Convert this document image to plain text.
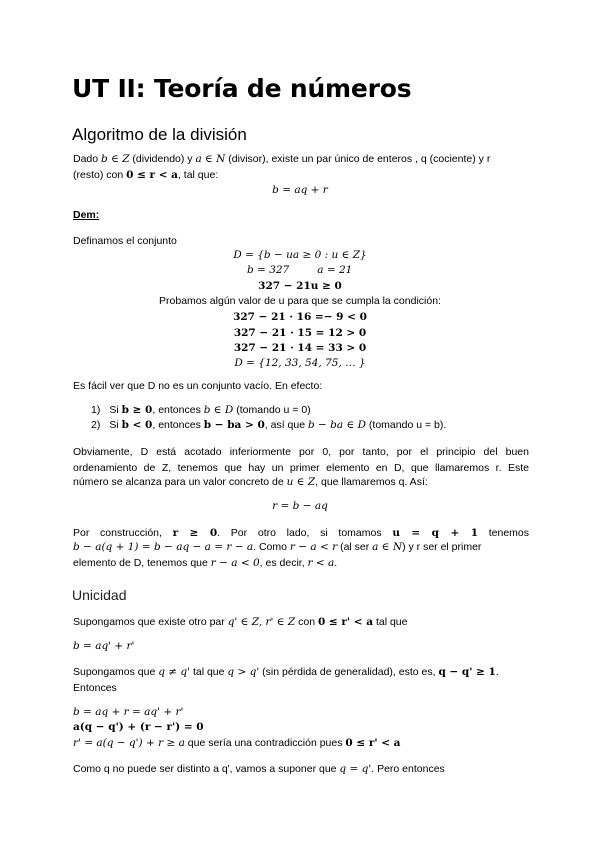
UT II: Teoría de números
Algoritmo de la división
Dado b ∈ Z (dividendo) y a ∈ N (divisor), existe un par único de enteros , q (cociente) y r
(resto) con 0 ≤ r < a, tal que:
b = aq + r
Dem:
Definamos el conjunto
D = {b − ua ≥ 0 : u ∈ Z}
b = 327	a = 21
327 − 21u ≥ 0
Probamos algún valor de u para que se cumpla la condición:
327 − 21 · 16 =− 9 < 0
327 − 21 · 15 = 12 > 0
327 − 21 · 14 = 33 > 0
D = {12, 33, 54, 75, … }
Es fácil ver que D no es un conjunto vacío. En efecto:
1) Si b ≥ 0, entonces b ∈ D (tomando u = 0)
2) Si b < 0, entonces b − ba > 0, así que b − ba ∈ D (tomando u = b).
Obviamente, D está acotado inferiormente por 0, por tanto, por el principio del buen
ordenamiento de Z, tenemos que hay un primer elemento en D, que llamaremos r. Este
número se alcanza para un valor concreto de u ∈ Z, que llamaremos q. Así:
r = b − aq
Por construcción, r ≥ 0. Por otro lado, si tomamos u = q + 1 tenemos
b − a(q + 1) = b − aq − a = r − a. Como r − a < r (al ser a ∈ N) y r ser el primer
elemento de D, tenemos que r − a < 0, es decir, r < a.
Unicidad
Supongamos que existe otro par q' ∈ Z, r' ∈ Z con 0 ≤ r' < a tal que
b = aq' + r'
Supongamos que q ≠ q' tal que q > q' (sin pérdida de generalidad), esto es, q − q' ≥ 1.
Entonces
b = aq + r = aq' + r'
a(q − q') + (r − r') = 0
r' = a(q − q') + r ≥ a que sería una contradicción pues 0 ≤ r' < a
Como q no puede ser distinto a q', vamos a suponer que q = q'. Pero entonces
